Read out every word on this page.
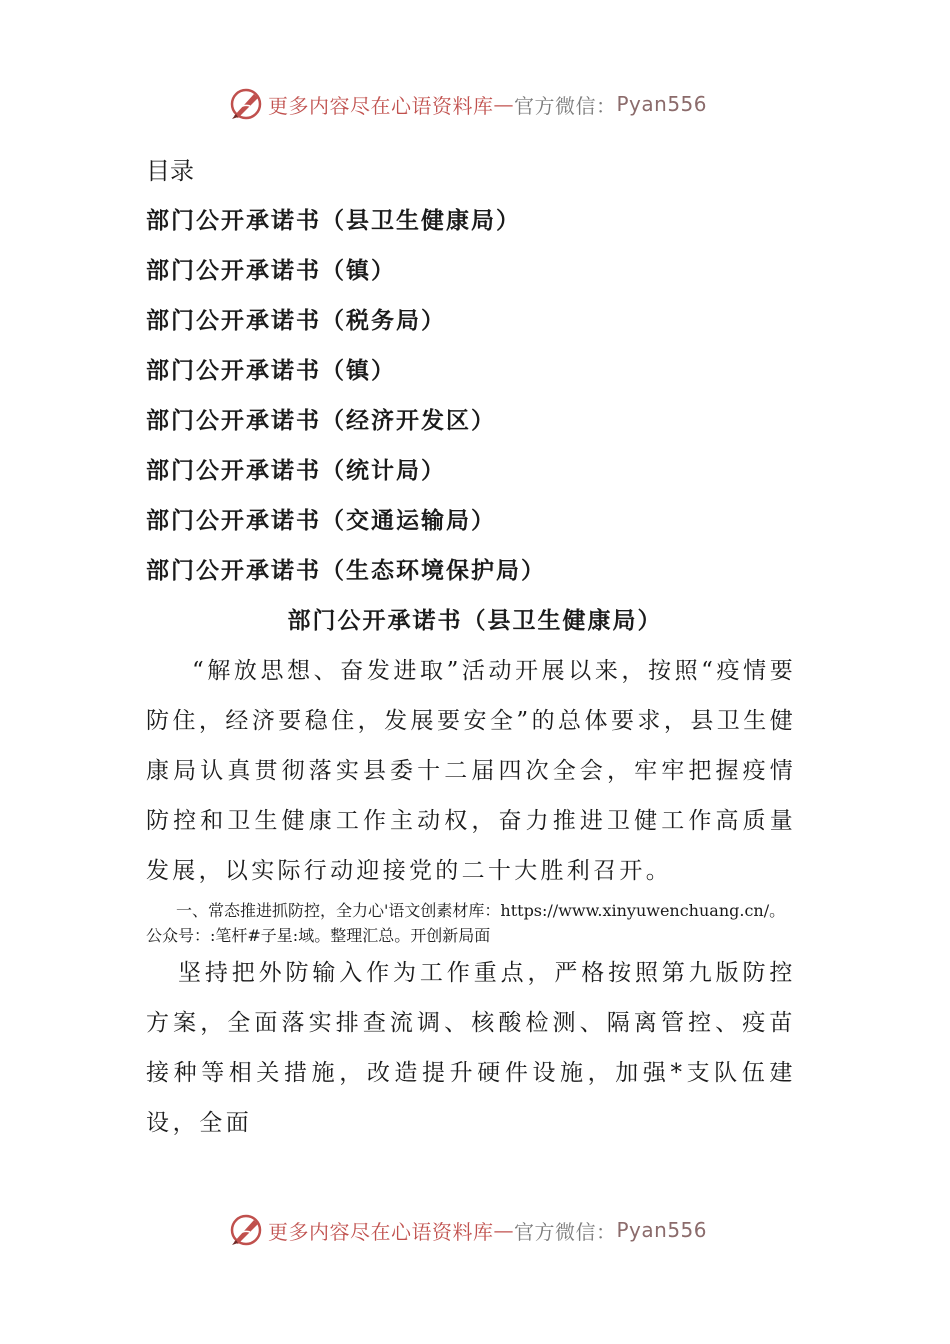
更多内容尽在心语资料库 — 官方微信： Pyan556
目录
部门公开承诺书（县卫生健康局）
部门公开承诺书（镇）
部门公开承诺书（税务局）
部门公开承诺书（镇）
部门公开承诺书（经济开发区）
部门公开承诺书（统计局）
部门公开承诺书（交通运输局）
部门公开承诺书（生态环境保护局）
部门公开承诺书（县卫生健康局）

“解放思想、奋发进取”活动开展以来，按照“疫情要防住，经济要稳住，发展要安全”的总体要求，县卫生健康局认真贯彻落实县委十二届四次全会，牢牢把握疫情防控和卫生健康工作主动权，奋力推进卫健工作高质量发展，以实际行动迎接党的二十大胜利召开。

一、常态推进抓防控，全力心'语文创素材库：https://www.xinyuwenchuang.cn/。公众号：:笔杆#子星:域。整理汇总。开创新局面

坚持把外防输入作为工作重点，严格按照第九版防控方案，全面落实排查流调、核酸检测、隔离管控、疫苗接种等相关措施，改造提升硬件设施，加强*支队伍建设，全面

更多内容尽在心语资料库 — 官方微信： Pyan556
